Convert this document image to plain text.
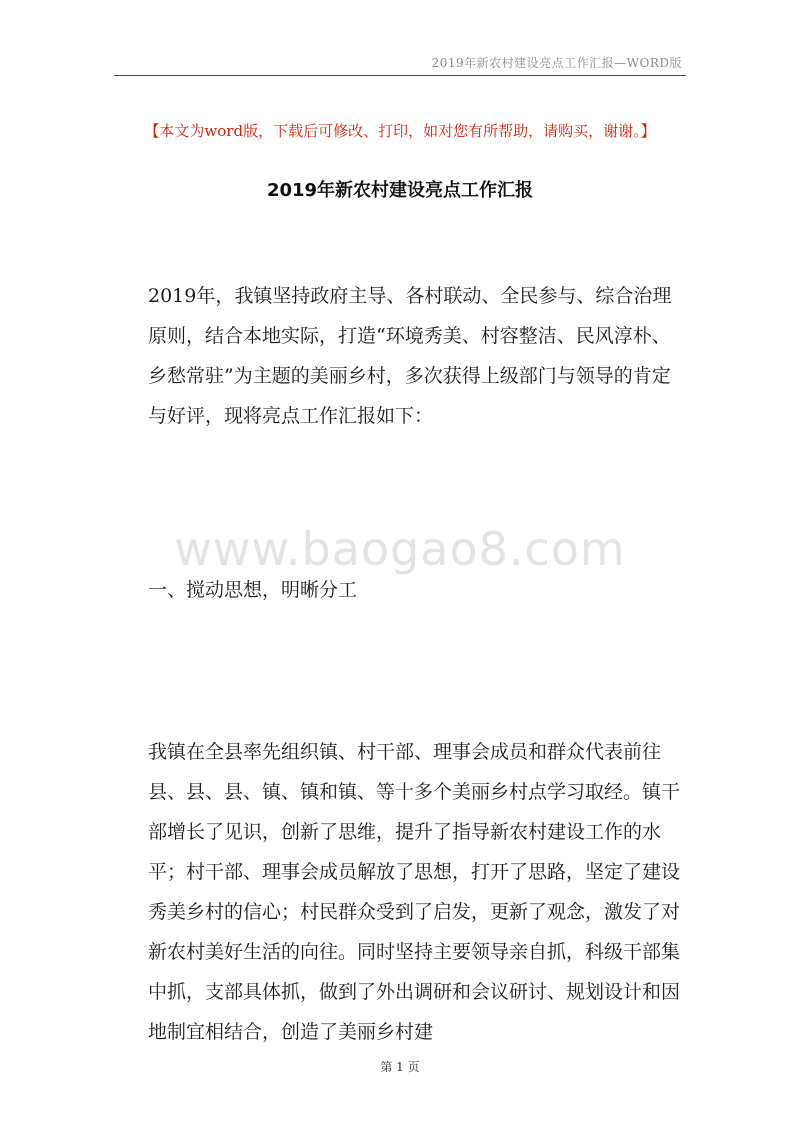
2019年新农村建设亮点工作汇报—WORD版
【本文为word版，下载后可修改、打印，如对您有所帮助，请购买，谢谢。】
2019年新农村建设亮点工作汇报

2019年，我镇坚持政府主导、各村联动、全民参与、综合治理原则，结合本地实际，打造“环境秀美、村容整洁、民风淳朴、乡愁常驻”为主题的美丽乡村，多次获得上级部门与领导的肯定与好评，现将亮点工作汇报如下：

www.baogao8.com

一、搅动思想，明晰分工

我镇在全县率先组织镇、村干部、理事会成员和群众代表前往县、县、县、镇、镇和镇、等十多个美丽乡村点学习取经。镇干部增长了见识，创新了思维，提升了指导新农村建设工作的水平；村干部、理事会成员解放了思想，打开了思路，坚定了建设秀美乡村的信心；村民群众受到了启发，更新了观念，激发了对新农村美好生活的向往。同时坚持主要领导亲自抓，科级干部集中抓，支部具体抓，做到了外出调研和会议研讨、规划设计和因地制宜相结合，创造了美丽乡村建

第 1 页
